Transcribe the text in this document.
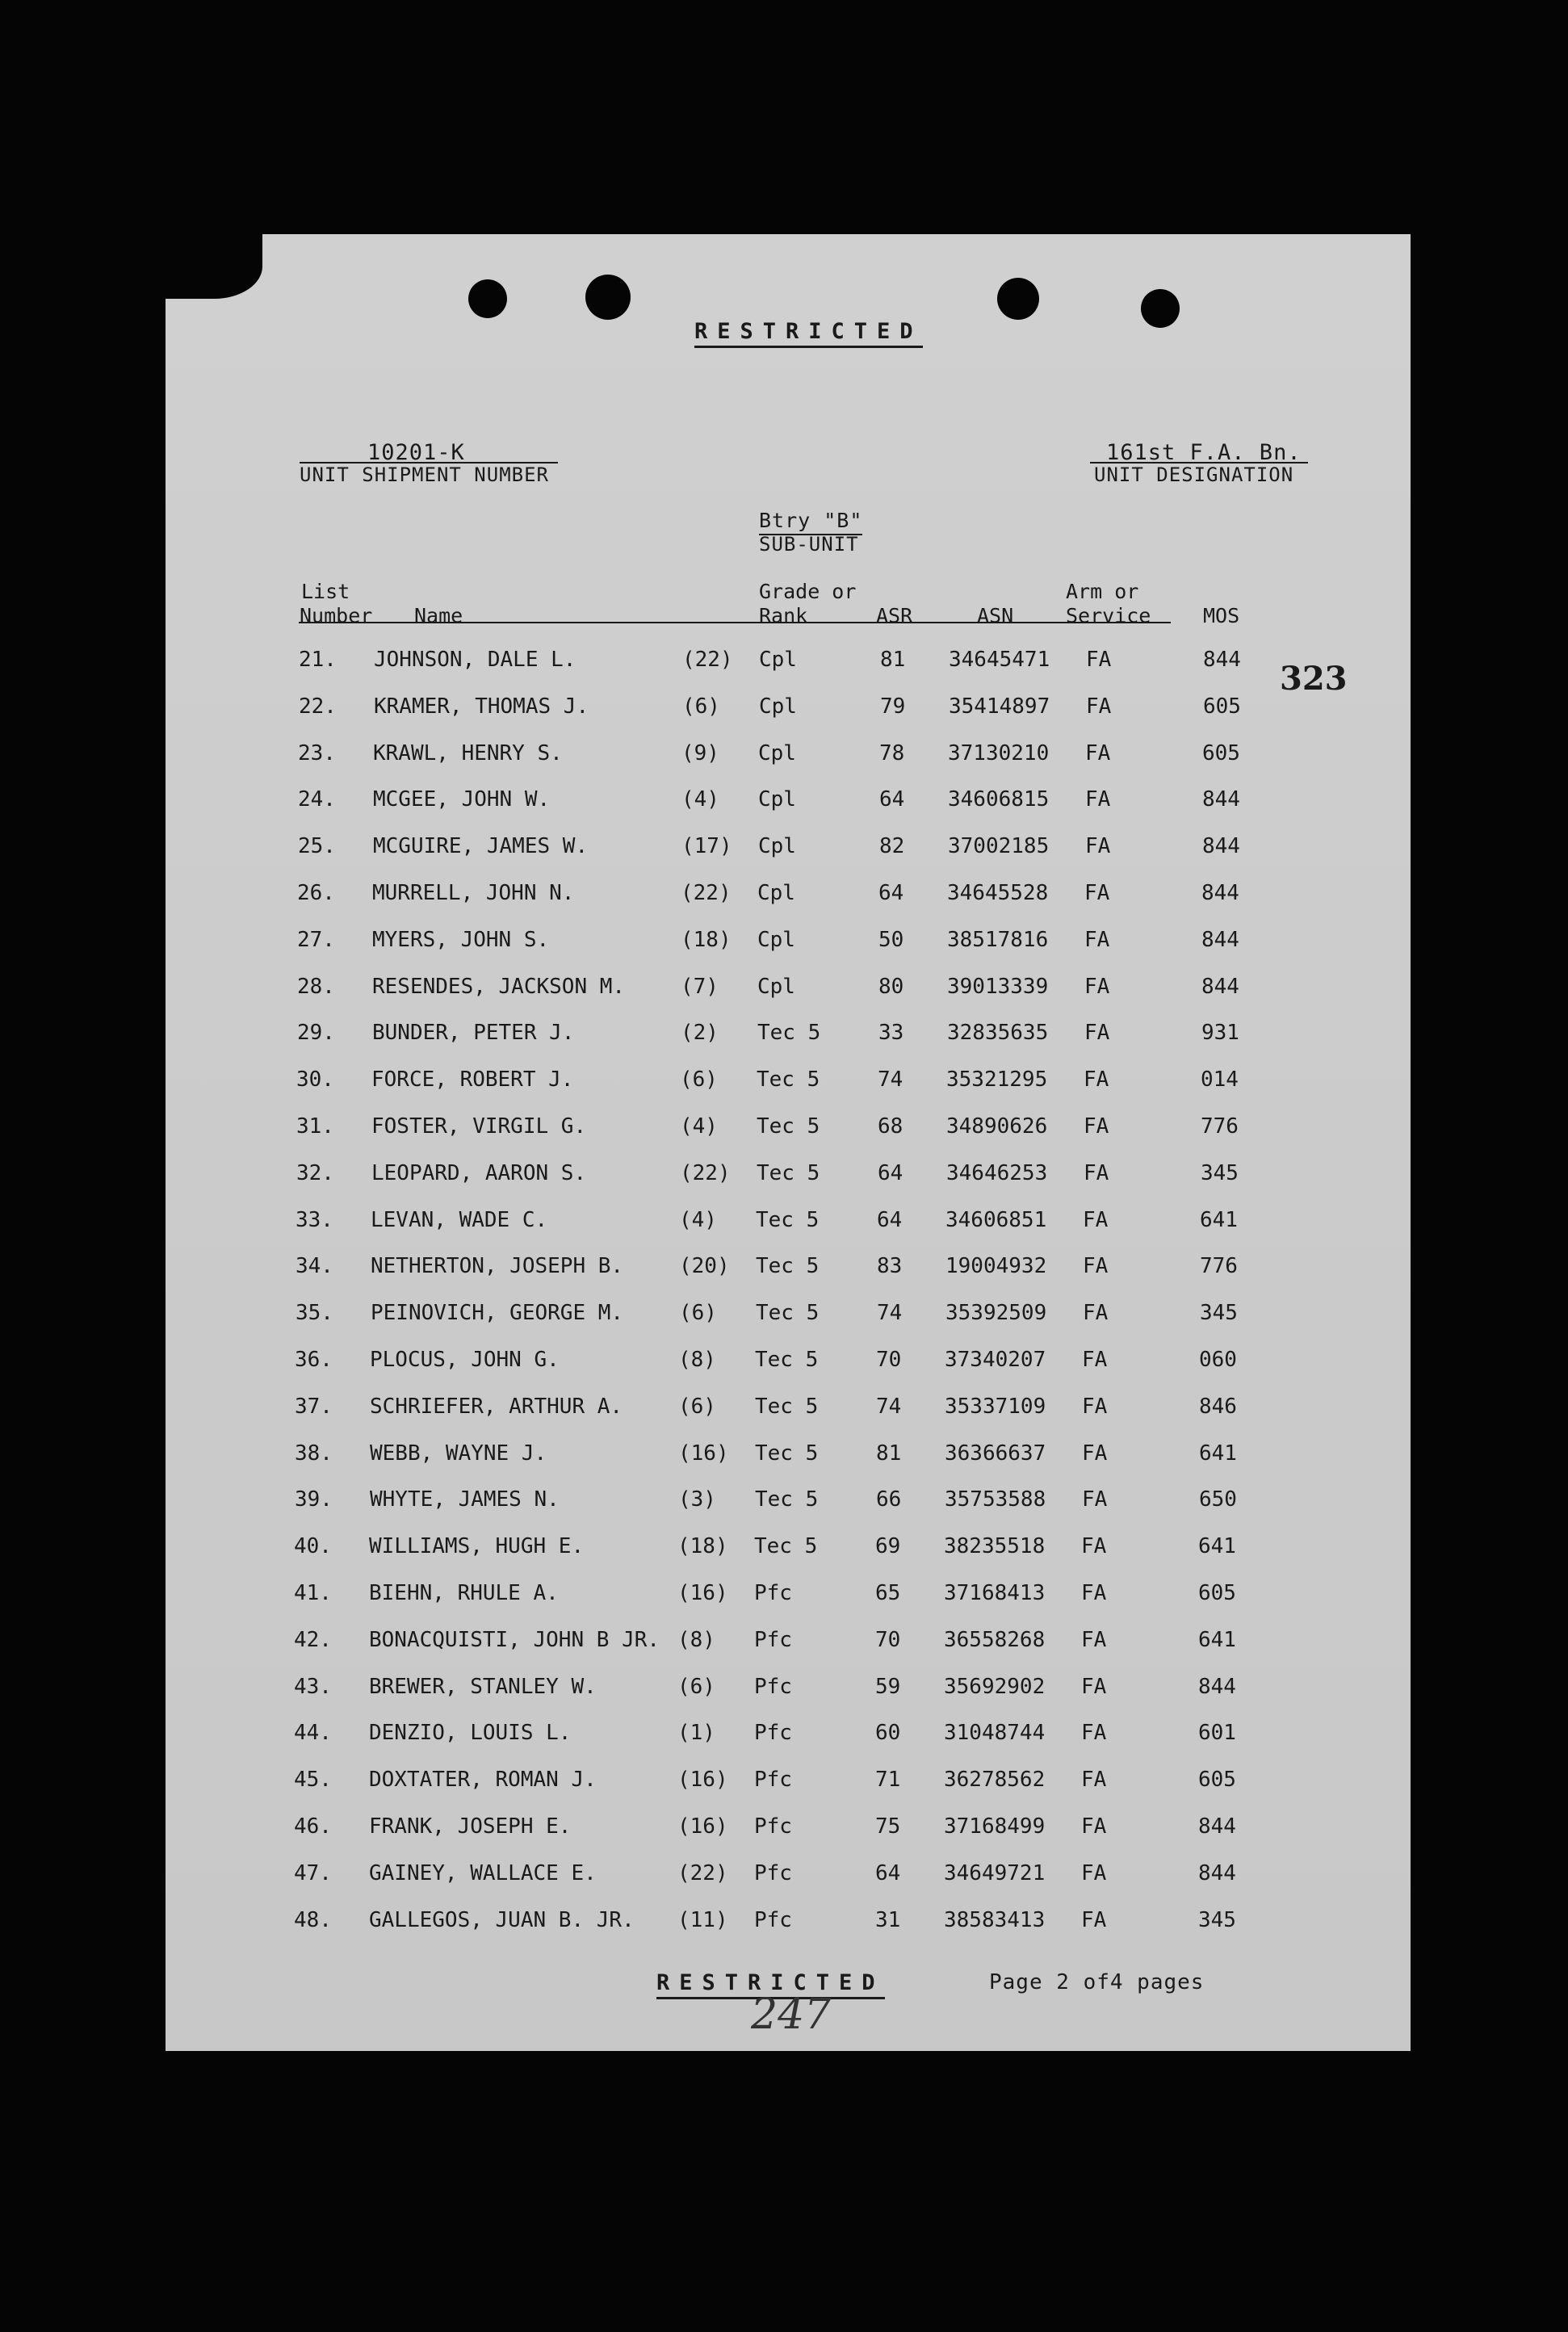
RESTRICTED
10201-K
UNIT SHIPMENT NUMBER
161st F.A. Bn.
UNIT DESIGNATION
Btry "B"
SUB-UNIT
List
Number Name
Grade or
Rank	ASR	ASN
Arm or
Service	MOS
323
21. JOHNSON, DALE L.	(22) Cpl	81 34645471 FA	844
22. KRAMER, THOMAS J.	(6) Cpl	79 35414897 FA	605
23. KRAWL, HENRY S.	(9) Cpl	78 37130210 FA	605
24. MCGEE, JOHN W.	(4) Cpl	64 34606815 FA	844
25. MCGUIRE, JAMES W.	(17) Cpl	82 37002185 FA	844
26. MURRELL, JOHN N.	(22) Cpl	64 34645528 FA	844
27. MYERS, JOHN S.	(18) Cpl	50 38517816 FA	844
28. RESENDES, JACKSON M.	(7) Cpl	80 39013339 FA	844
29. BUNDER, PETER J.	(2) Tec 5	33 32835635 FA	931
30. FORCE, ROBERT J.	(6) Tec 5	74 35321295 FA	014
31. FOSTER, VIRGIL G.	(4) Tec 5	68 34890626 FA	776
32. LEOPARD, AARON S.	(22) Tec 5	64 34646253 FA	345
33. LEVAN, WADE C.	(4) Tec 5	64 34606851 FA	641
34. NETHERTON, JOSEPH B.	(20) Tec 5	83 19004932 FA	776
35. PEINOVICH, GEORGE M.	(6) Tec 5	74 35392509 FA	345
36. PLOCUS, JOHN G.	(8) Tec 5	70 37340207 FA	060
37. SCHRIEFER, ARTHUR A.	(6) Tec 5	74 35337109 FA	846
38. WEBB, WAYNE J.	(16) Tec 5	81 36366637 FA	641
39. WHYTE, JAMES N.	(3) Tec 5	66 35753588 FA	650
40. WILLIAMS, HUGH E.	(18) Tec 5	69 38235518 FA	641
41. BIEHN, RHULE A.	(16) Pfc	65 37168413 FA	605
42. BONACQUISTI, JOHN B JR. (8) Pfc	70 36558268 FA	641
43. BREWER, STANLEY W.	(6) Pfc	59 35692902 FA	844
44. DENZIO, LOUIS L.	(1) Pfc	60 31048744 FA	601
45. DOXTATER, ROMAN J.	(16) Pfc	71 36278562 FA	605
46. FRANK, JOSEPH E.	(16) Pfc	75 37168499 FA	844
47. GAINEY, WALLACE E.	(22) Pfc	64 34649721 FA	844
48. GALLEGOS, JUAN B. JR. (11) Pfc	31 38583413 FA	345
RESTRICTED	Page 2 of4 pages
247
